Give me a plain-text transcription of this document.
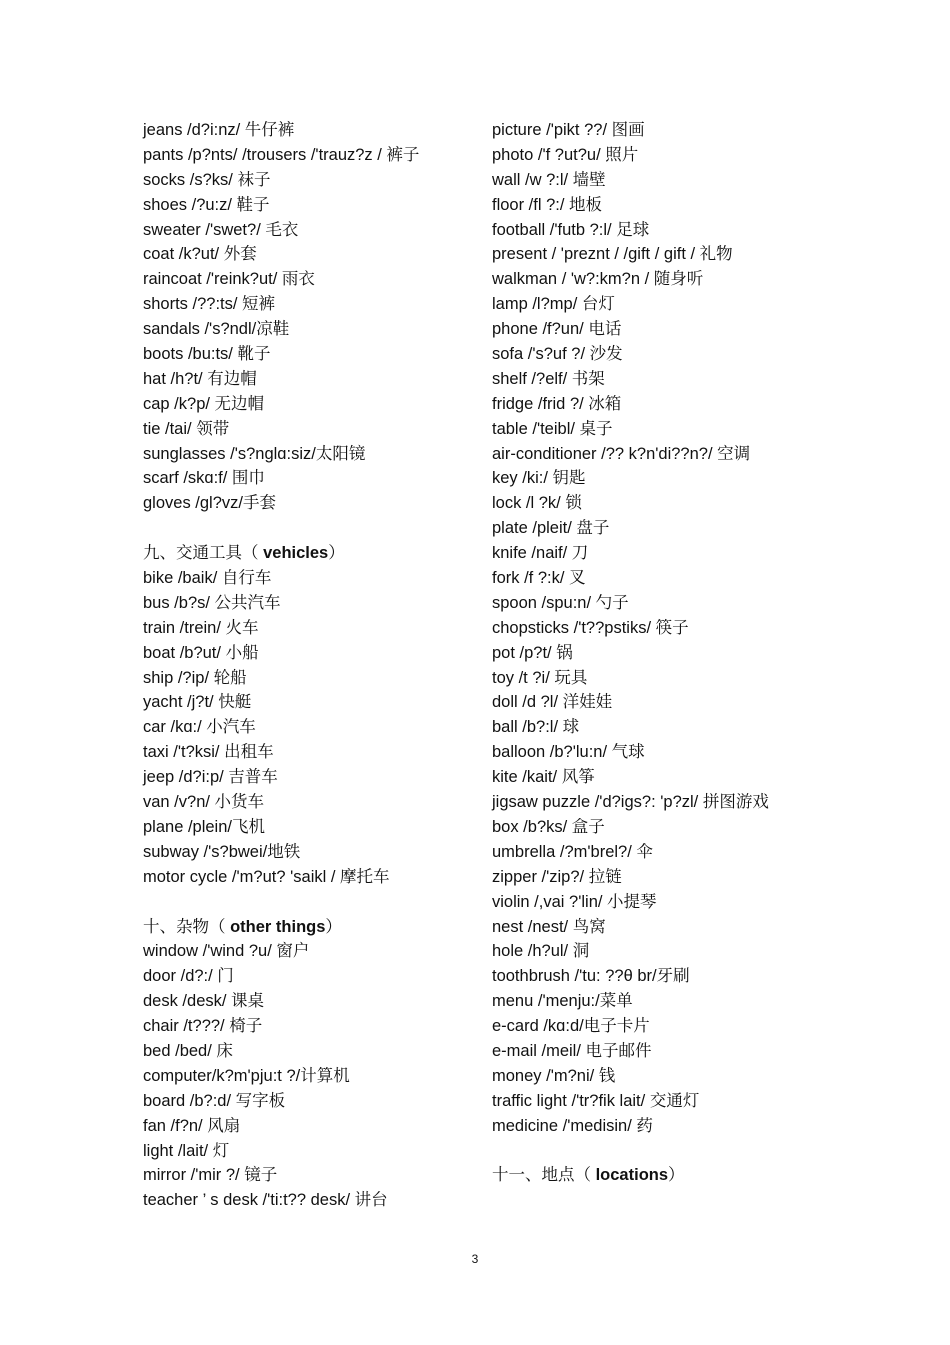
jeans /d?i:nz/ 牛仔裤
pants /p?nts/ /trousers /'trauz?z / 裤子
socks /s?ks/ 袜子
shoes /?u:z/ 鞋子
sweater /'swet?/ 毛衣
coat /k?ut/ 外套
raincoat /'reink?ut/ 雨衣
shorts /??:ts/ 短裤
sandals /'s?ndl/凉鞋
boots /bu:ts/ 靴子
hat /h?t/ 有边帽
cap /k?p/ 无边帽
tie /tai/ 领带
sunglasses /'s?nglɑ:siz/太阳镜
scarf /skɑ:f/ 围巾
gloves /gl?vz/手套
九、交通工具（ vehicles）
bike /baik/ 自行车
bus /b?s/ 公共汽车
train /trein/ 火车
boat /b?ut/ 小船
ship /?ip/ 轮船
yacht /j?t/ 快艇
car /kɑ:/ 小汽车
taxi /'t?ksi/ 出租车
jeep /d?i:p/ 吉普车
van /v?n/ 小货车
plane /plein/飞机
subway /'s?bwei/地铁
motor cycle /'m?ut? 'saikl / 摩托车
十、杂物（ other things）
window /'wind ?u/ 窗户
door /d?:/ 门
desk /desk/ 课桌
chair /t???/ 椅子
bed /bed/ 床
computer/k?m'pju:t ?/计算机
board /b?:d/ 写字板
fan /f?n/ 风扇
light /lait/ 灯
mirror /'mir ?/ 镜子
teacher ’ s desk /'ti:t?? desk/ 讲台
picture /'pikt ??/ 图画
photo /'f ?ut?u/ 照片
wall /w ?:l/ 墙壁
floor /fl ?:/ 地板
football /'futb ?:l/ 足球
present / 'preznt / /gift / gift / 礼物
walkman / 'w?:km?n / 随身听
lamp /l?mp/ 台灯
phone /f?un/ 电话
sofa /'s?uf ?/ 沙发
shelf /?elf/ 书架
fridge /frid ?/ 冰箱
table /'teibl/ 桌子
air-conditioner /?? k?n'di??n?/ 空调
key /ki:/ 钥匙
lock /l ?k/ 锁
plate /pleit/ 盘子
knife /naif/ 刀
fork /f ?:k/ 叉
spoon /spu:n/ 勺子
chopsticks /'t??pstiks/ 筷子
pot /p?t/ 锅
toy /t ?i/ 玩具
doll /d ?l/ 洋娃娃
ball /b?:l/ 球
balloon /b?'lu:n/ 气球
kite /kait/ 风筝
jigsaw puzzle /'d?igs?: 'p?zl/ 拼图游戏
box /b?ks/ 盒子
umbrella /?m'brel?/ 伞
zipper /'zip?/ 拉链
violin /,vai ?'lin/ 小提琴
nest /nest/ 鸟窝
hole /h?ul/ 洞
toothbrush /'tu: ??θ br/牙刷
menu /'menju:/菜单
e-card /kɑ:d/电子卡片
e-mail /meil/ 电子邮件
money /'m?ni/ 钱
traffic light /'tr?fik lait/ 交通灯
medicine /'medisin/ 药
十一、地点（ locations）
3
